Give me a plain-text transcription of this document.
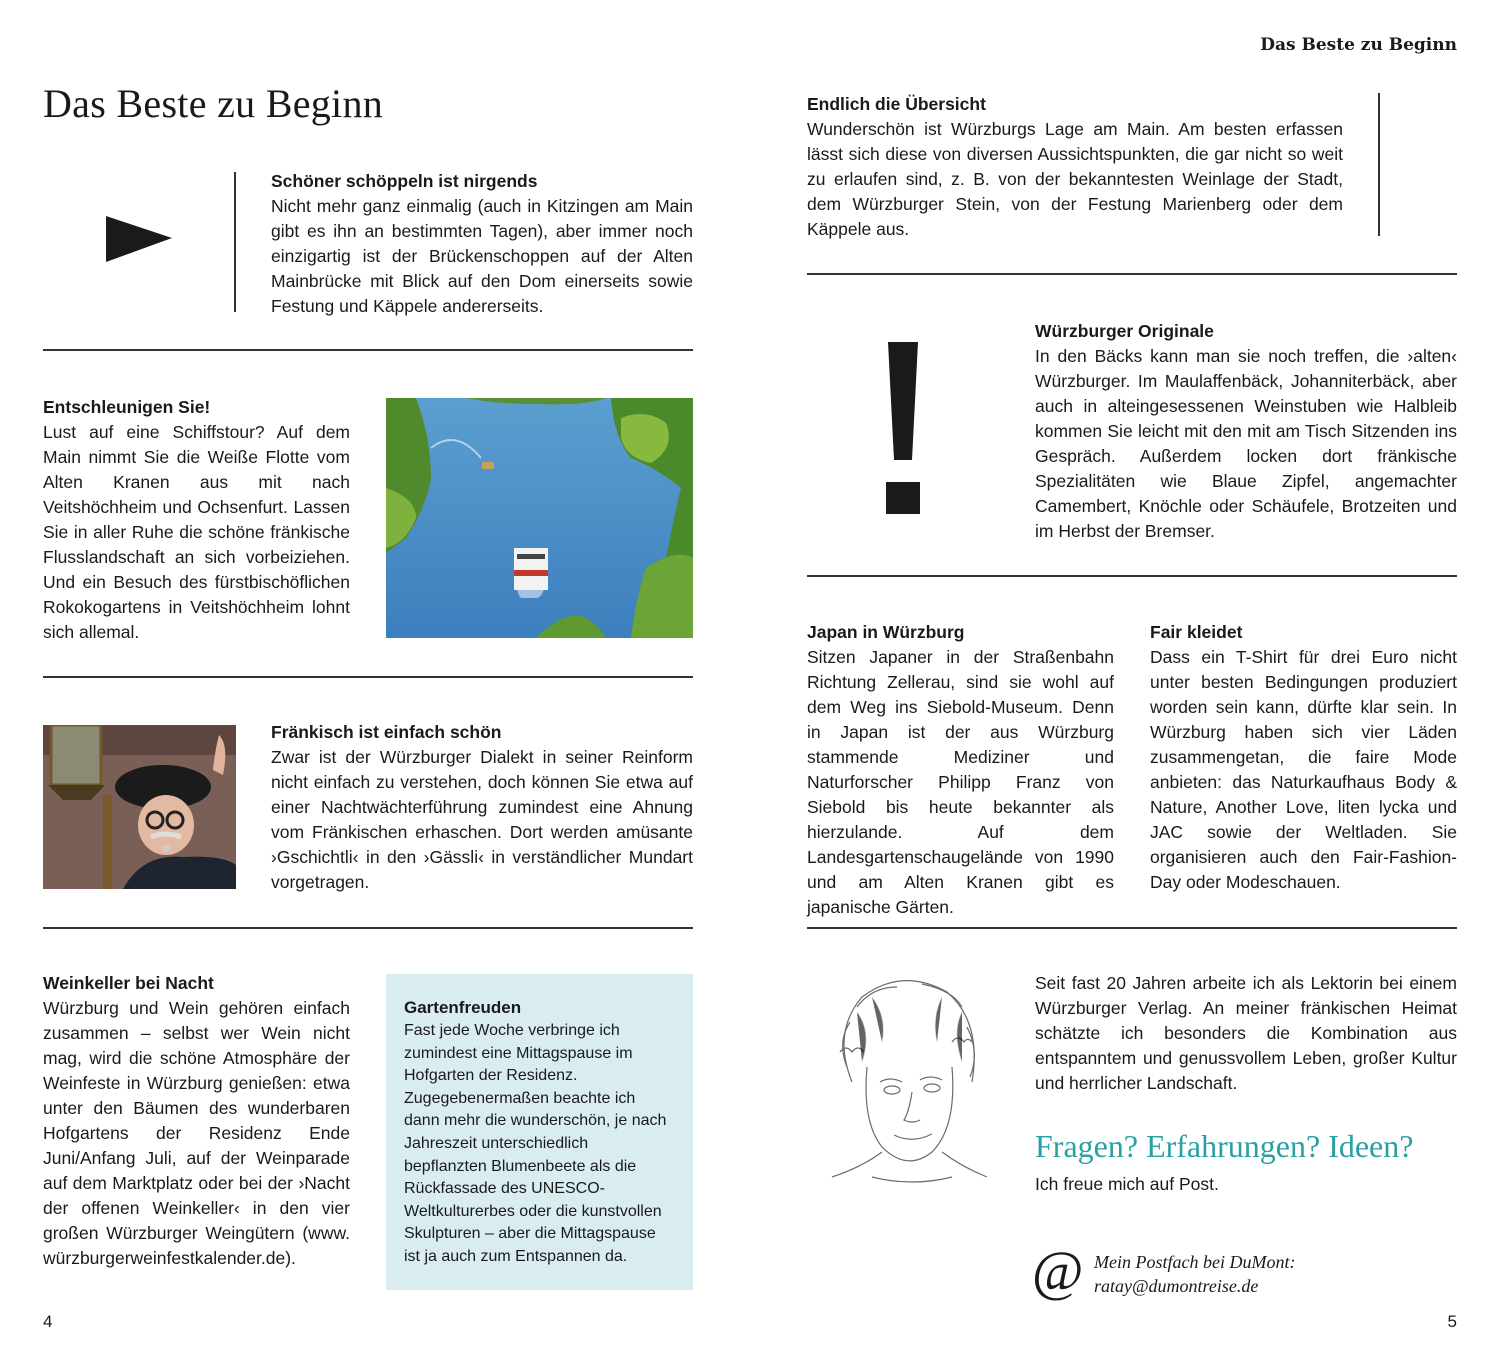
Das Beste zu Beginn
Schöner schöppeln ist nirgends
Nicht mehr ganz einmalig (auch in Kitzingen am Main gibt es ihn an bestimmten Tagen), aber immer noch einzigartig ist der Brückenschoppen auf der Alten Mainbrücke mit Blick auf den Dom einerseits sowie Festung und Käppele andererseits.
Entschleunigen Sie!
Lust auf eine Schiffstour? Auf dem Main nimmt Sie die Weiße Flotte vom Alten Kranen aus mit nach Veitshöchheim und Ochsenfurt. Lassen Sie in aller Ruhe die schöne fränkische Flusslandschaft an sich vorbeiziehen. Und ein Besuch des fürstbischöflichen Rokokogartens in Veitshöchheim lohnt sich allemal.
Fränkisch ist einfach schön
Zwar ist der Würzburger Dialekt in seiner Reinform nicht einfach zu verstehen, doch können Sie etwa auf einer Nachtwächterführung zumindest eine Ahnung vom Fränkischen erhaschen. Dort werden amüsante ›Gschichtli‹ in den ›Gässli‹ in verständlicher Mundart vorgetragen.
Weinkeller bei Nacht
Würzburg und Wein gehören einfach zusammen – selbst wer Wein nicht mag, wird die schöne Atmosphäre der Weinfeste in Würzburg genießen: etwa unter den Bäumen des wunderbaren Hofgartens der Residenz Ende Juni/Anfang Juli, auf der Weinparade auf dem Marktplatz oder bei der ›Nacht der offenen Weinkeller‹ in den vier großen Würzburger Weingütern (www. würzburgerweinfestkalender.de).
Gartenfreuden
Fast jede Woche verbringe ich zumindest eine Mittagspause im Hofgarten der Residenz. Zugegebenermaßen beachte ich dann mehr die wunderschön, je nach Jahreszeit unterschiedlich bepflanzten Blumenbeete als die Rückfassade des UNESCO-Weltkulturerbes oder die kunstvollen Skulpturen – aber die Mittagspause ist ja auch zum Entspannen da.
4
Das Beste zu Beginn
Endlich die Übersicht
Wunderschön ist Würzburgs Lage am Main. Am besten erfassen lässt sich diese von diversen Aussichtspunkten, die gar nicht so weit zu erlaufen sind, z. B. von der bekanntesten Weinlage der Stadt, dem Würzburger Stein, von der Festung Marienberg oder dem Käppele aus.
Würzburger Originale
In den Bäcks kann man sie noch treffen, die ›alten‹ Würzburger. Im Maulaffenbäck, Johanniterbäck, aber auch in alteingesessenen Weinstuben wie Halbleib kommen Sie leicht mit den mit am Tisch Sitzenden ins Gespräch. Außerdem locken dort fränkische Spezialitäten wie Blaue Zipfel, angemachter Camembert, Knöchle oder Schäufele, Brotzeiten und im Herbst der Bremser.
Japan in Würzburg
Sitzen Japaner in der Straßenbahn Richtung Zellerau, sind sie wohl auf dem Weg ins Siebold-Museum. Denn in Japan ist der aus Würzburg stammende Mediziner und Naturforscher Philipp Franz von Siebold bis heute bekannter als hierzulande. Auf dem Landesgartenschaugelände von 1990 und am Alten Kranen gibt es japanische Gärten.
Fair kleidet
Dass ein T-Shirt für drei Euro nicht unter besten Bedingungen produziert worden sein kann, dürfte klar sein. In Würzburg haben sich vier Läden zusammengetan, die faire Mode anbieten: das Naturkaufhaus Body & Nature, Another Love, liten lycka und JAC sowie der Weltladen. Sie organisieren auch den Fair-Fashion-Day oder Modeschauen.
Seit fast 20 Jahren arbeite ich als Lektorin bei einem Würzburger Verlag. An meiner fränkischen Heimat schätzte ich besonders die Kombination aus entspanntem und genussvollem Leben, großer Kultur und herrlicher Landschaft.
Fragen? Erfahrungen? Ideen?
Ich freue mich auf Post.
@ Mein Postfach bei DuMont:
ratay@dumontreise.de
5
